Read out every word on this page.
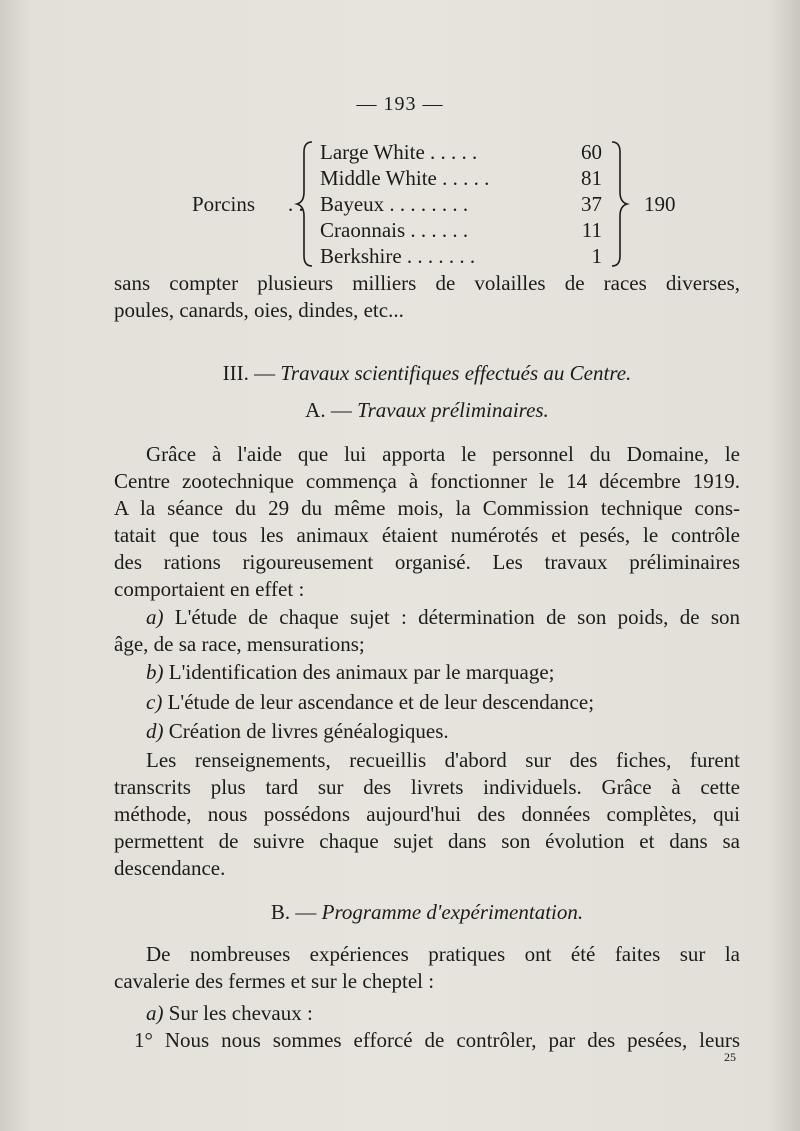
— 193 —
Porcins . .
Large White . . . . .	60
Middle White . . . . .	81
Bayeux . . . . . . . .	37
Craonnais . . . . . .	11
Berkshire . . . . . . .	1
190
sans compter plusieurs milliers de volailles de races diverses,
poules, canards, oies, dindes, etc...
III. — Travaux scientifiques effectués au Centre.
A. — Travaux préliminaires.
Grâce à l'aide que lui apporta le personnel du Domaine, le
Centre zootechnique commença à fonctionner le 14 décembre 1919.
A la séance du 29 du même mois, la Commission technique cons-
tatait que tous les animaux étaient numérotés et pesés, le contrôle
des rations rigoureusement organisé. Les travaux préliminaires
comportaient en effet :
a) L'étude de chaque sujet : détermination de son poids, de son
âge, de sa race, mensurations;
b) L'identification des animaux par le marquage;
c) L'étude de leur ascendance et de leur descendance;
d) Création de livres généalogiques.
Les renseignements, recueillis d'abord sur des fiches, furent
transcrits plus tard sur des livrets individuels. Grâce à cette
méthode, nous possédons aujourd'hui des données complètes, qui
permettent de suivre chaque sujet dans son évolution et dans sa
descendance.
B. — Programme d'expérimentation.
De nombreuses expériences pratiques ont été faites sur la
cavalerie des fermes et sur le cheptel :
a) Sur les chevaux :
1° Nous nous sommes efforcé de contrôler, par des pesées, leurs
25
